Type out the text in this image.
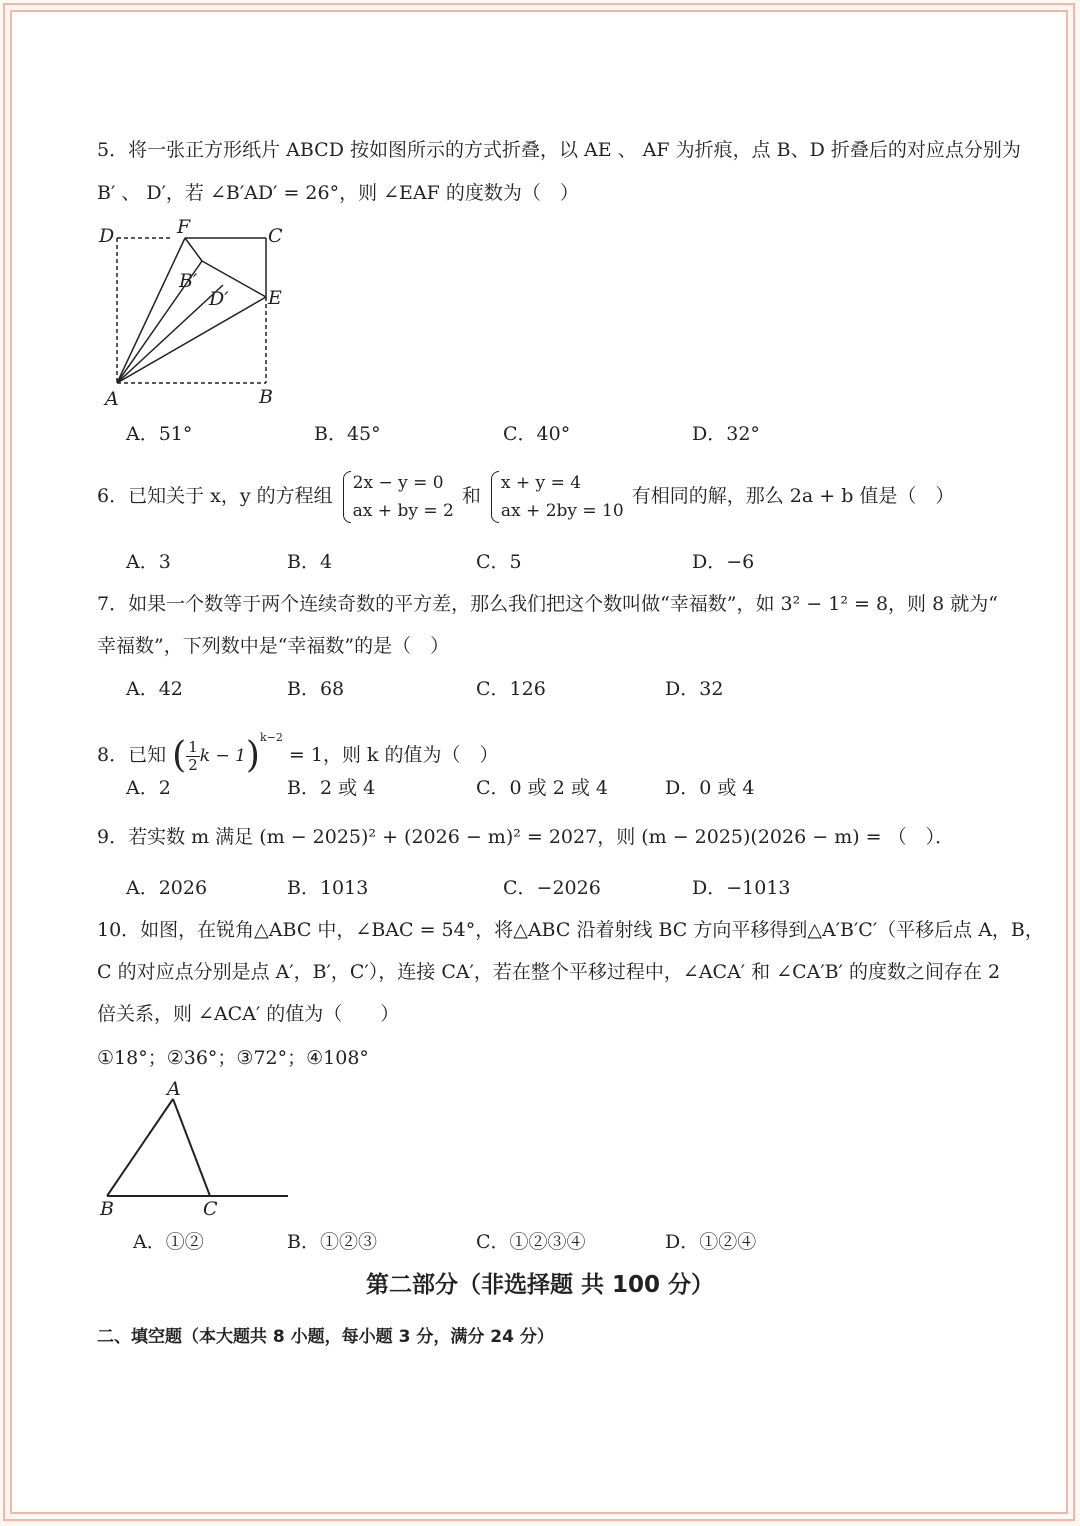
5．将一张正方形纸片 ABCD 按如图所示的方式折叠，以 AE 、 AF 为折痕，点 B、D 折叠后的对应点分别为
B′ 、 D′，若 ∠B′AD′ = 26°，则 ∠EAF 的度数为（　）
D	F	C
B′
D′ E
A	B
A．51°	B．45°	C．40°	D．32°
6．已知关于 x，y 的方程组
2x − y = 0
ax + by = 2
和
x + y = 4
ax + 2by = 10
有相同的解，那么 2a + b 值是（　）
A．3	B．4	C．5	D．−6
7．如果一个数等于两个连续奇数的平方差，那么我们把这个数叫做“幸福数”，如 3² − 1² = 8，则 8 就为“
幸福数”，下列数中是“幸福数”的是（　）
A．42	B．68	C．126	D．32
8．已知 ( $\frac{1}{2}$ k − 1)$^{k-2}$ = 1，则 k 的值为（　）
A．2	B．2 或 4	C．0 或 2 或 4	D．0 或 4
9．若实数 m 满足 (m − 2025)² + (2026 − m)² = 2027，则 (m − 2025)(2026 − m) = （　）．
A．2026	B．1013	C．−2026	D．−1013
10．如图，在锐角△ABC 中，∠BAC = 54°，将△ABC 沿着射线 BC 方向平移得到△A′B′C′（平移后点 A，B，
C 的对应点分别是点 A′，B′，C′），连接 CA′，若在整个平移过程中，∠ACA′ 和 ∠CA′B′ 的度数之间存在 2
倍关系，则 ∠ACA′ 的值为（　　）
①18°；②36°；③72°；④108°
A
B	C
A．①②	B．①②③	C．①②③④	D．①②④
第二部分（非选择题 共 100 分）
二、填空题（本大题共 8 小题，每小题 3 分，满分 24 分）
